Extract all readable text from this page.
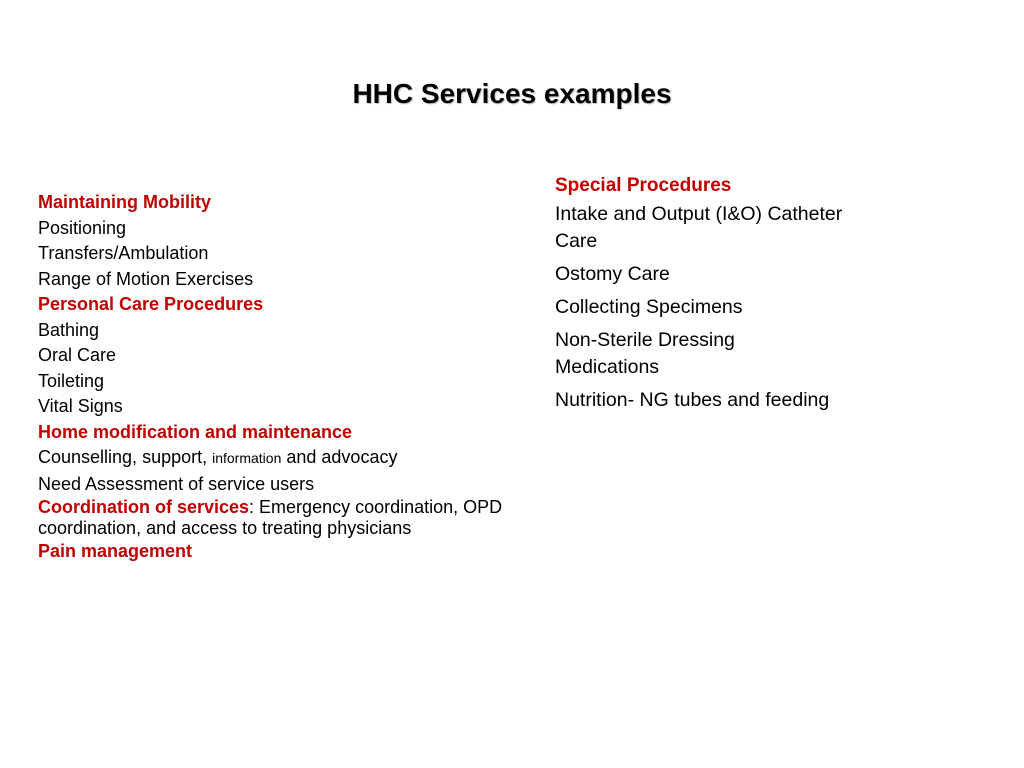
HHC Services examples
Maintaining Mobility
Positioning
Transfers/Ambulation
Range of Motion Exercises
Personal Care Procedures
Bathing
Oral Care
Toileting
Vital Signs
Home modification and maintenance
Counselling, support, information and advocacy
Need Assessment of service users
Coordination of services: Emergency coordination, OPD coordination, and access to treating physicians
Pain management
Special Procedures
Intake and Output (I&O) Catheter Care
Ostomy Care
Collecting Specimens
Non-Sterile Dressing Medications
Nutrition- NG tubes and feeding
